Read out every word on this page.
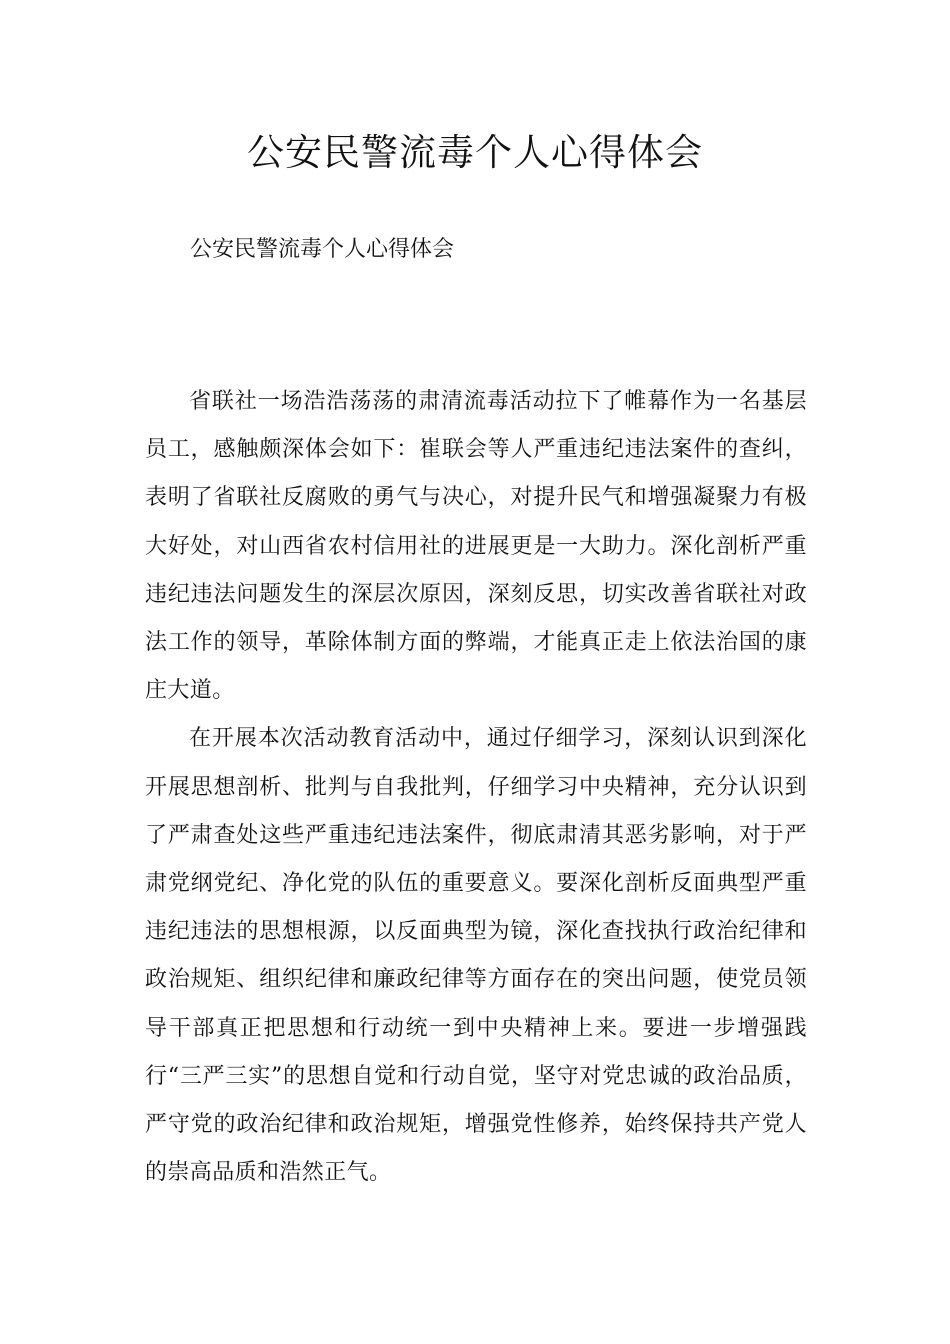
公安民警流毒个人心得体会

公安民警流毒个人心得体会

省联社一场浩浩荡荡的肃清流毒活动拉下了帷幕作为一名基层员工，感触颇深体会如下：崔联会等人严重违纪违法案件的查纠，表明了省联社反腐败的勇气与决心，对提升民气和增强凝聚力有极大好处，对山西省农村信用社的进展更是一大助力。深化剖析严重违纪违法问题发生的深层次原因，深刻反思，切实改善省联社对政法工作的领导，革除体制方面的弊端，才能真正走上依法治国的康庄大道。

在开展本次活动教育活动中，通过仔细学习，深刻认识到深化开展思想剖析、批判与自我批判，仔细学习中央精神，充分认识到了严肃查处这些严重违纪违法案件，彻底肃清其恶劣影响，对于严肃党纲党纪、净化党的队伍的重要意义。要深化剖析反面典型严重违纪违法的思想根源，以反面典型为镜，深化查找执行政治纪律和政治规矩、组织纪律和廉政纪律等方面存在的突出问题，使党员领导干部真正把思想和行动统一到中央精神上来。要进一步增强践行“三严三实”的思想自觉和行动自觉，坚守对党忠诚的政治品质，严守党的政治纪律和政治规矩，增强党性修养，始终保持共产党人的崇高品质和浩然正气。
